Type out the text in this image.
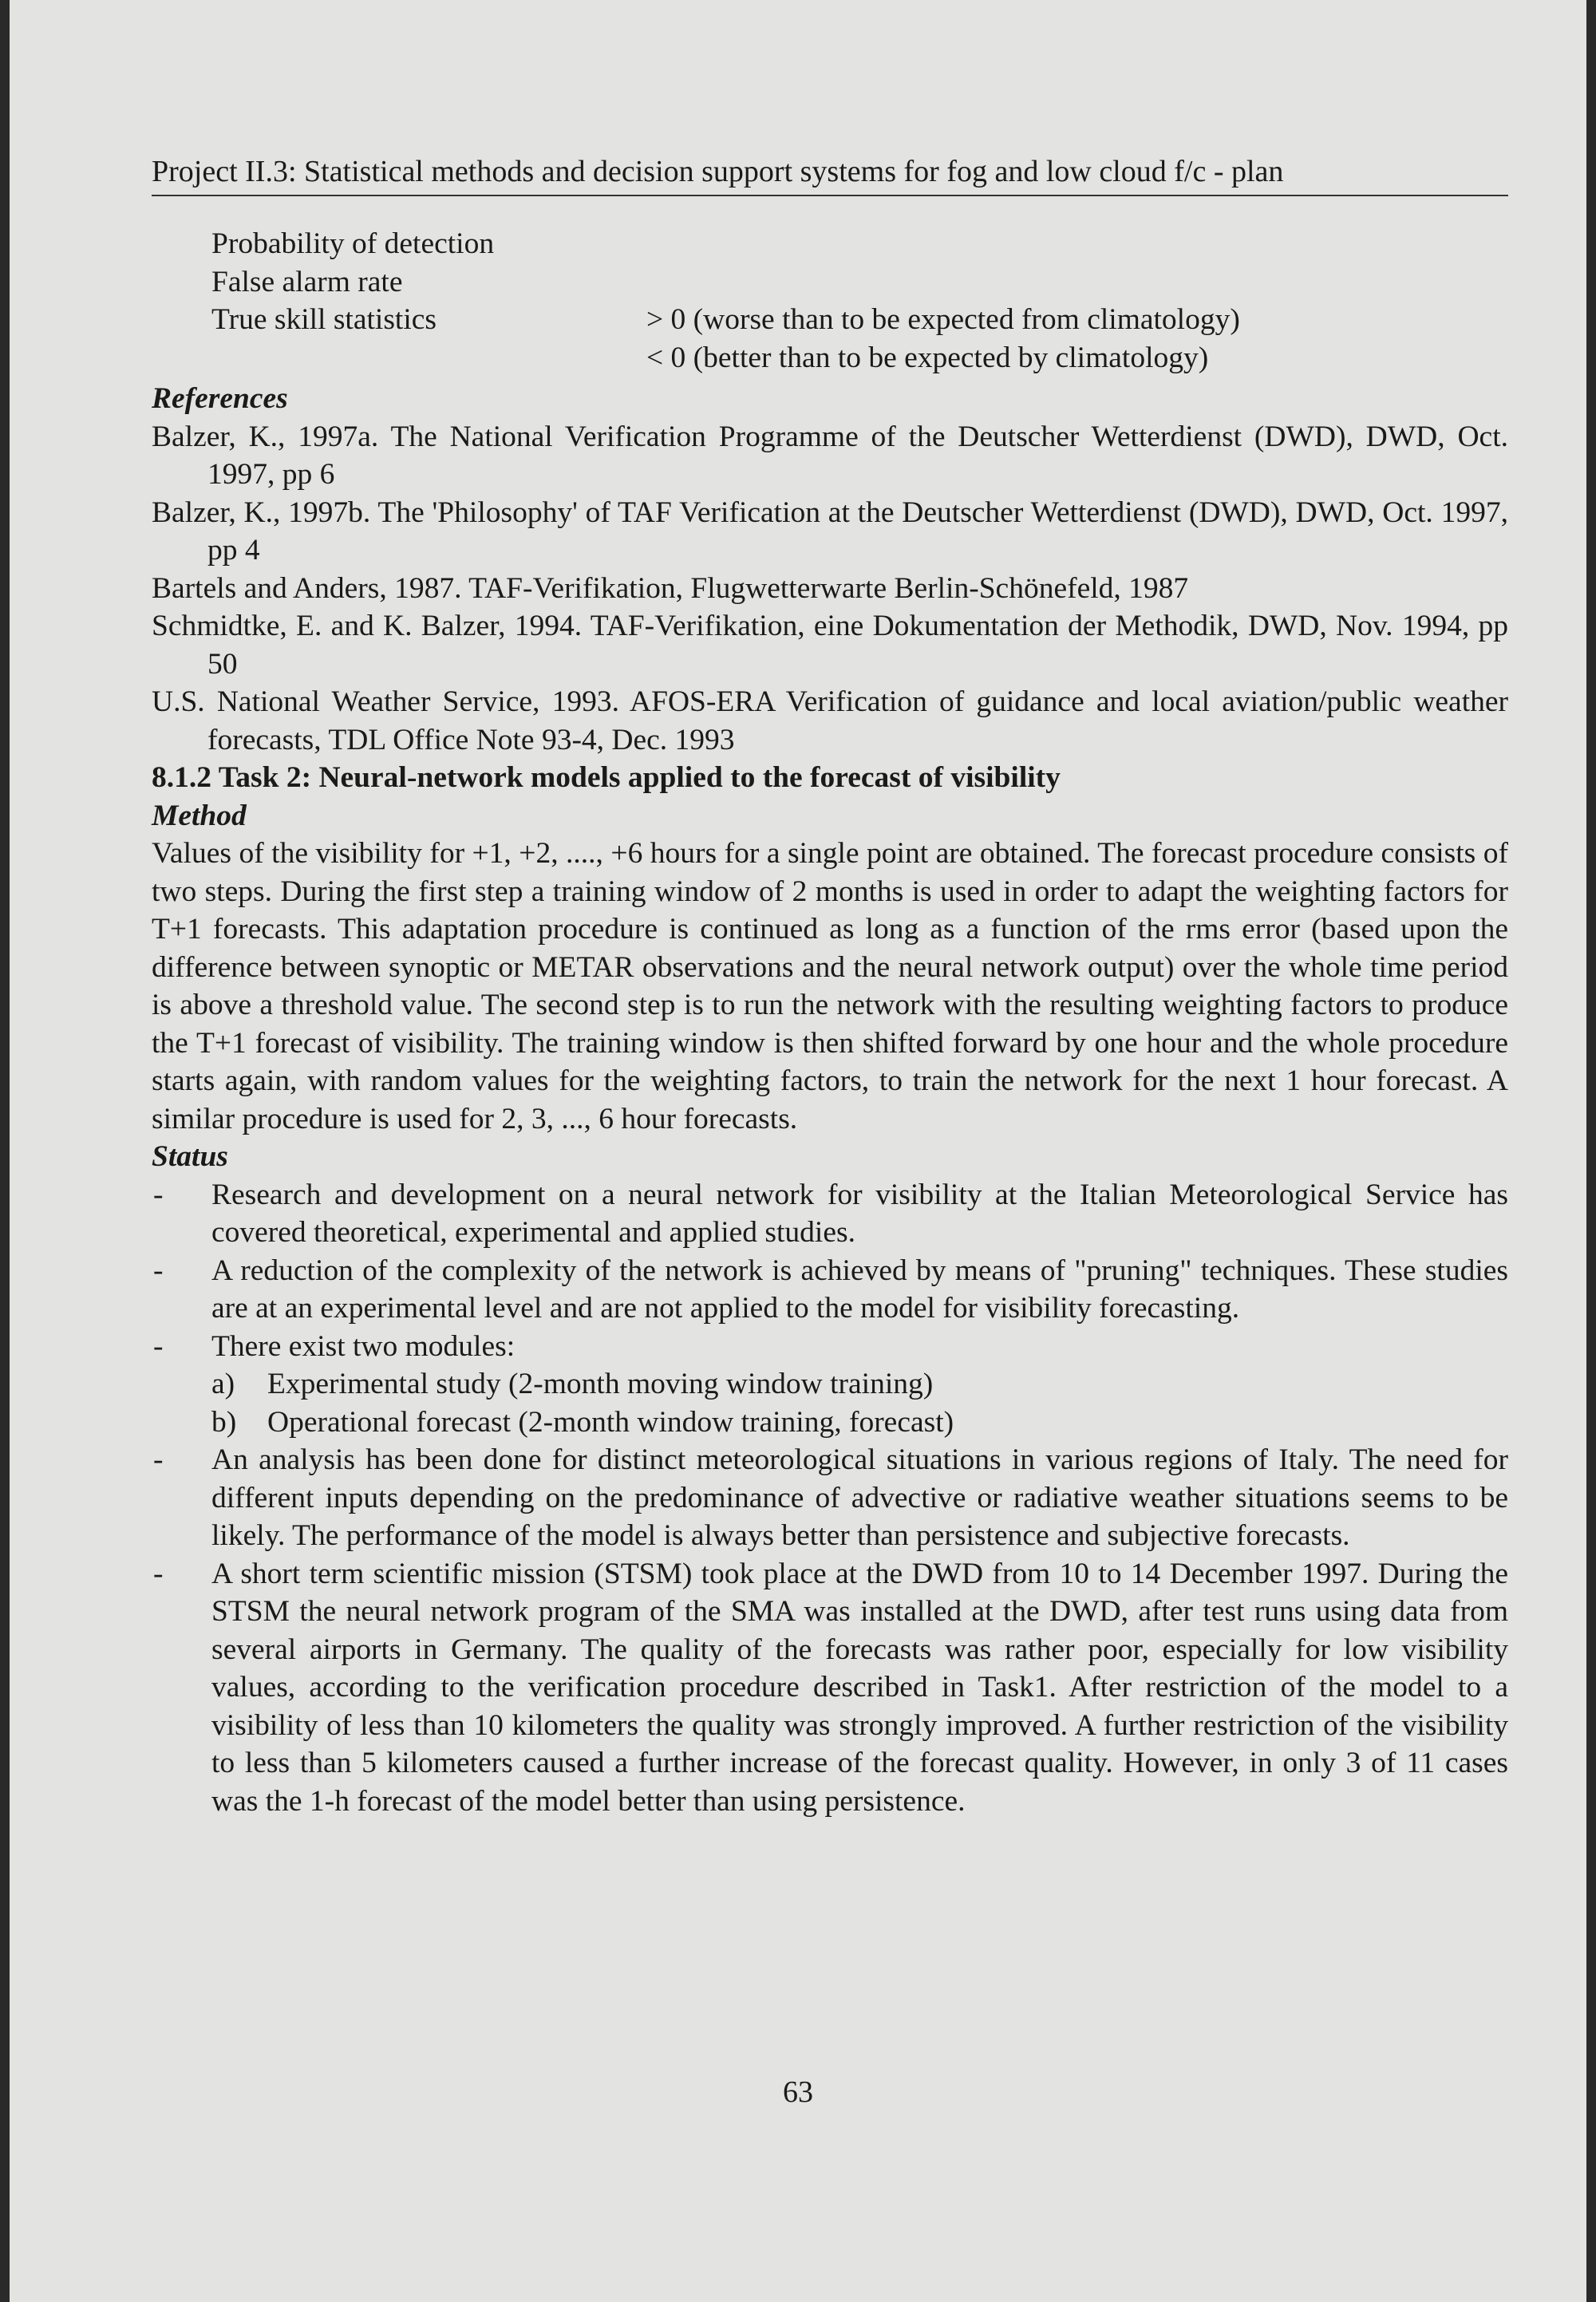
Project II.3: Statistical methods and decision support systems for fog and low cloud f/c - plan
Probability of detection
False alarm rate
True skill statistics	> 0 (worse than to be expected from climatology)
< 0 (better than to be expected by climatology)

References

Balzer, K., 1997a. The National Verification Programme of the Deutscher Wetterdienst (DWD), DWD, Oct. 1997, pp 6

Balzer, K., 1997b. The 'Philosophy' of TAF Verification at the Deutscher Wetterdienst (DWD), DWD, Oct. 1997, pp 4

Bartels and Anders, 1987. TAF-Verifikation, Flugwetterwarte Berlin-Schönefeld, 1987

Schmidtke, E. and K. Balzer, 1994. TAF-Verifikation, eine Dokumentation der Methodik, DWD, Nov. 1994, pp 50

U.S. National Weather Service, 1993. AFOS-ERA Verification of guidance and local aviation/public weather forecasts, TDL Office Note 93-4, Dec. 1993

8.1.2 Task 2: Neural-network models applied to the forecast of visibility

Method

Values of the visibility for +1, +2, ...., +6 hours for a single point are obtained. The forecast procedure consists of two steps. During the first step a training window of 2 months is used in order to adapt the weighting factors for T+1 forecasts. This adaptation procedure is continued as long as a function of the rms error (based upon the difference between synoptic or METAR observations and the neural network output) over the whole time period is above a threshold value. The second step is to run the network with the resulting weighting factors to produce the T+1 forecast of visibility. The training window is then shifted forward by one hour and the whole procedure starts again, with random values for the weighting factors, to train the network for the next 1 hour forecast. A similar procedure is used for 2, 3, ..., 6 hour forecasts.

Status

- Research and development on a neural network for visibility at the Italian Meteorological Service has covered theoretical, experimental and applied studies.
- A reduction of the complexity of the network is achieved by means of "pruning" techniques. These studies are at an experimental level and are not applied to the model for visibility forecasting.
- There exist two modules:
a) Experimental study (2-month moving window training)
b) Operational forecast (2-month window training, forecast)
- An analysis has been done for distinct meteorological situations in various regions of Italy. The need for different inputs depending on the predominance of advective or radiative weather situations seems to be likely. The performance of the model is always better than persistence and subjective forecasts.
- A short term scientific mission (STSM) took place at the DWD from 10 to 14 December 1997. During the STSM the neural network program of the SMA was installed at the DWD, after test runs using data from several airports in Germany. The quality of the forecasts was rather poor, especially for low visibility values, according to the verification procedure described in Task1. After restriction of the model to a visibility of less than 10 kilometers the quality was strongly improved. A further restriction of the visibility to less than 5 kilometers caused a further increase of the forecast quality. However, in only 3 of 11 cases was the 1-h forecast of the model better than using persistence.
63
